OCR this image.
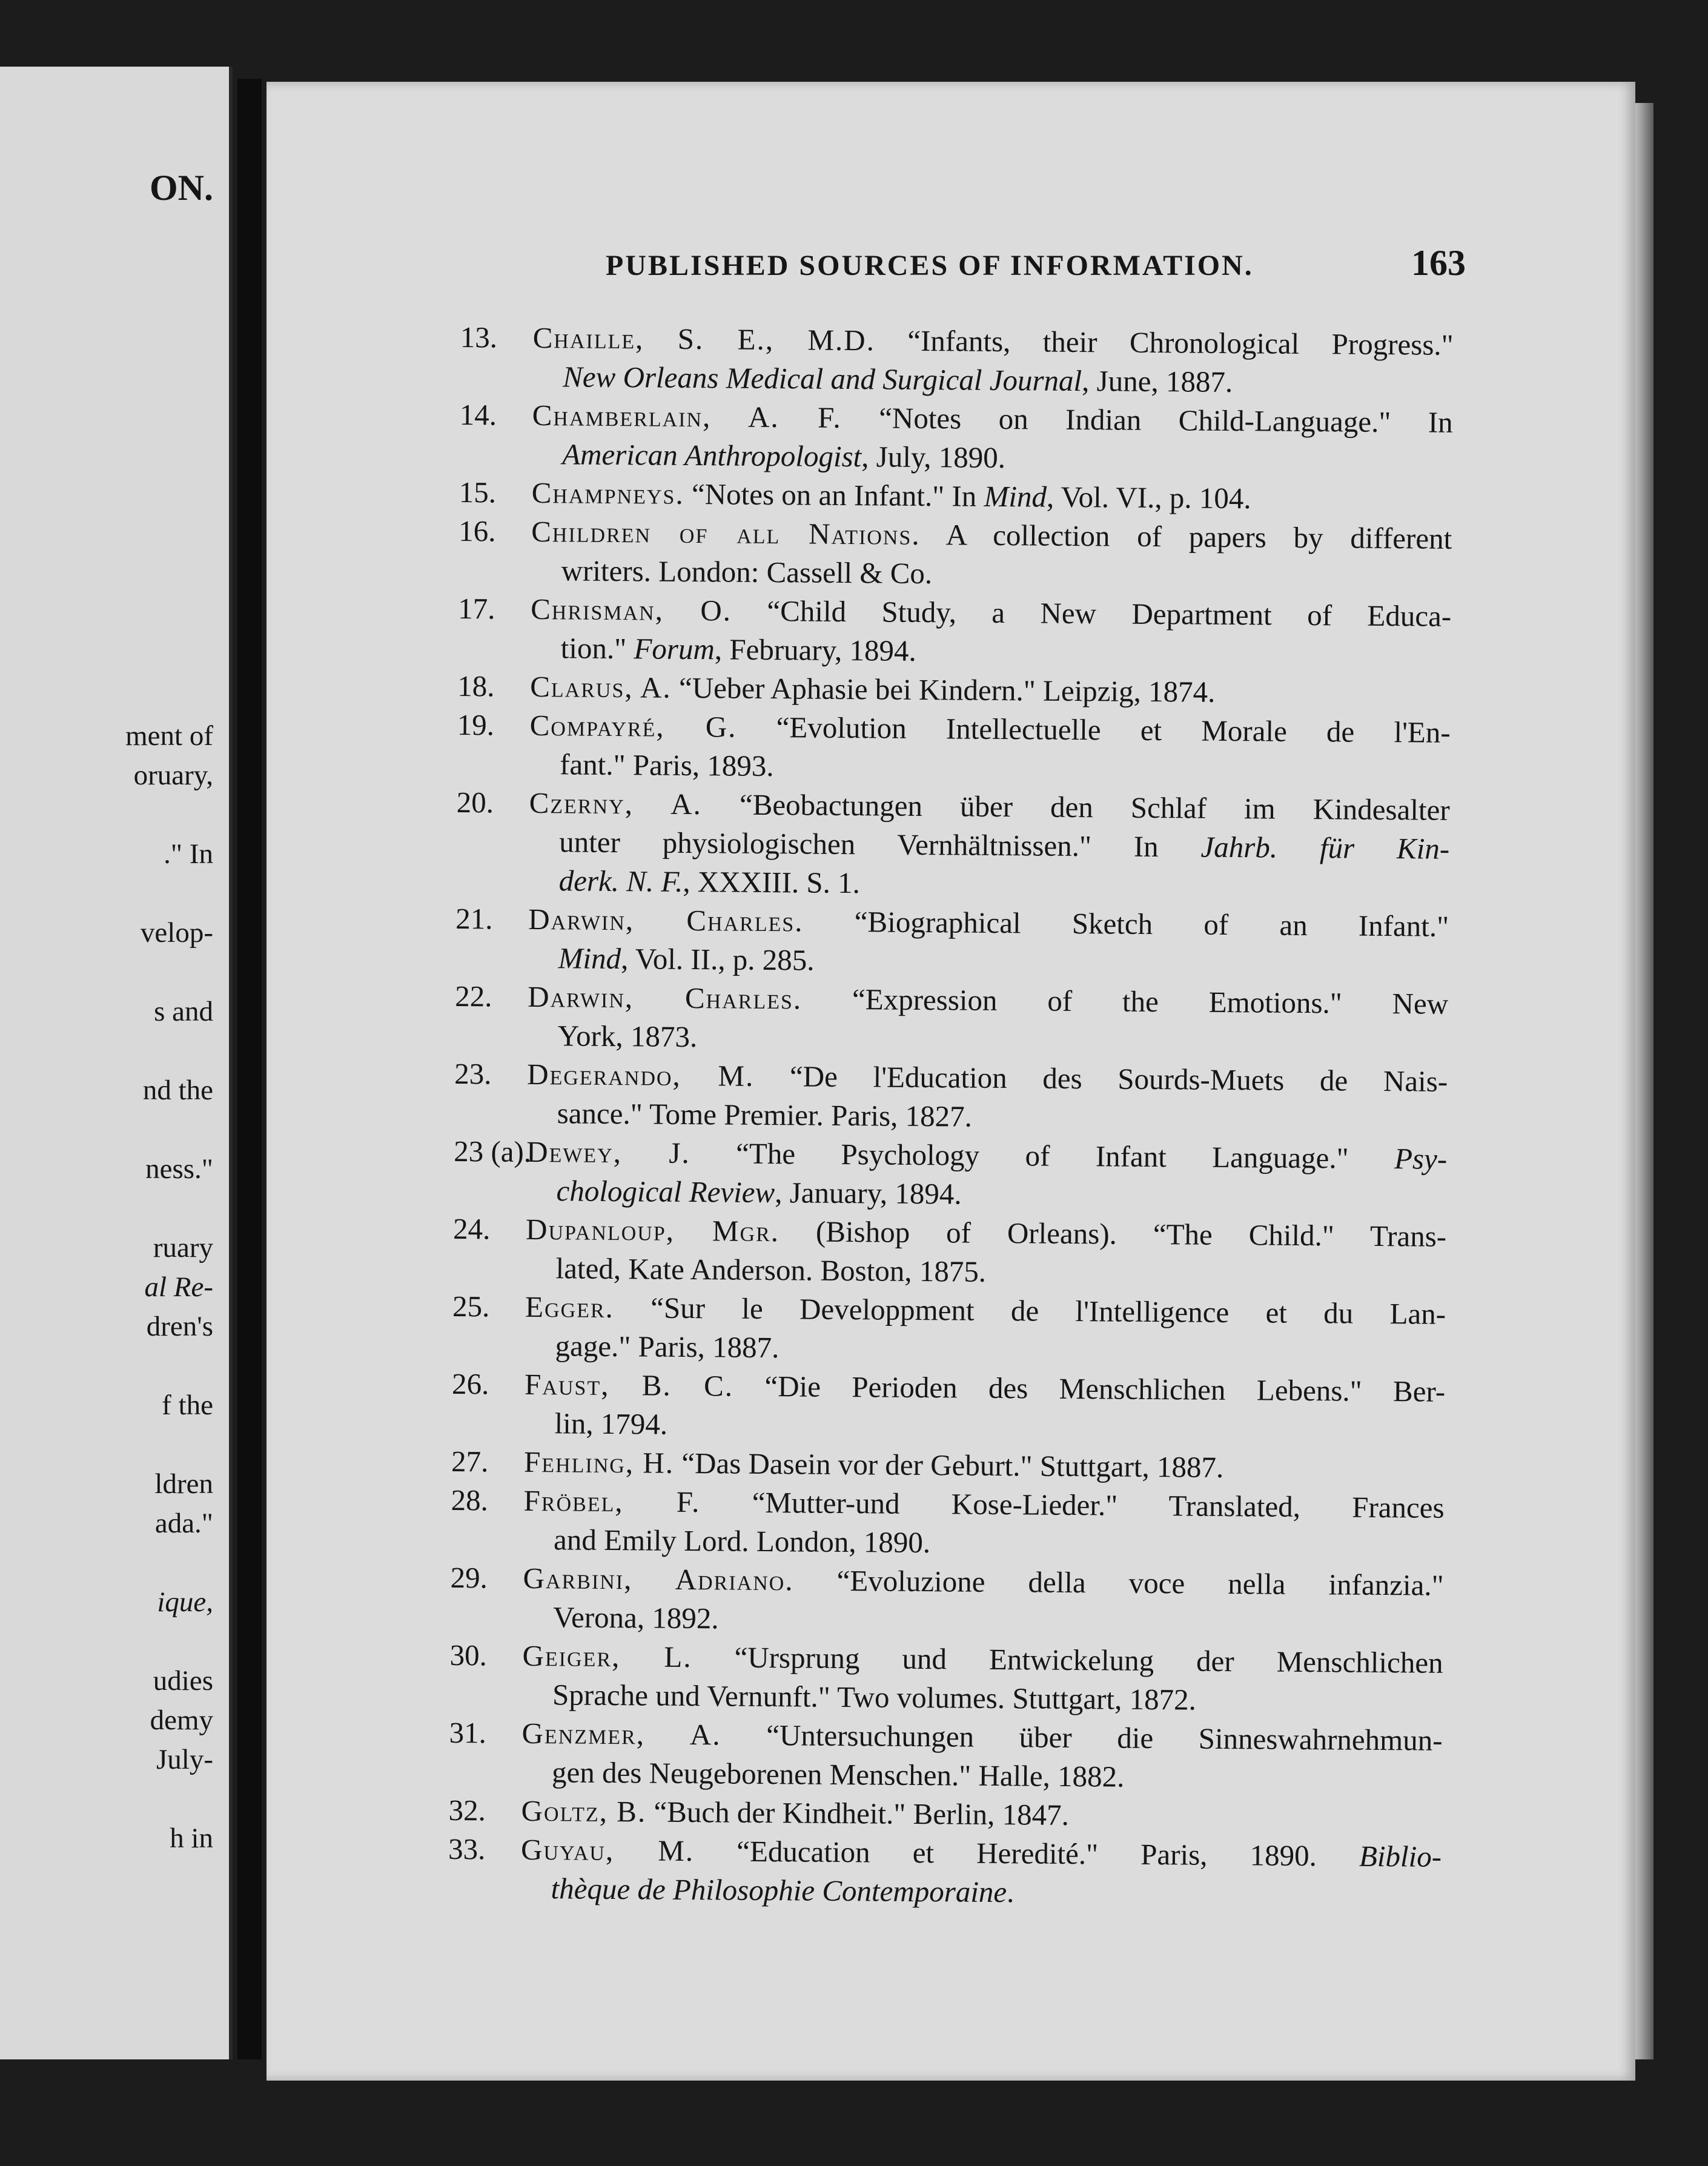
ON.

ment of

oruary,

." In

velop-

s and

nd the

ness."

ruary

al Re-

dren's

f the

ldren

ada."

ique,

udies

demy

July-

h in

PUBLISHED SOURCES OF INFORMATION.	163
13. Chaille, S. E., M.D. “Infants, their Chronological Progress."
New Orleans Medical and Surgical Journal, June, 1887.
14. Chamberlain, A. F. “Notes on Indian Child-Language." In
American Anthropologist, July, 1890.
15. Champneys. “Notes on an Infant." In Mind, Vol. VI., p. 104.
16. Children of all Nations. A collection of papers by different
writers. London: Cassell & Co.
17. Chrisman, O. “Child Study, a New Department of Educa-
tion." Forum, February, 1894.
18. Clarus, A. “Ueber Aphasie bei Kindern." Leipzig, 1874.
19. Compayré, G. “Evolution Intellectuelle et Morale de l'En-
fant." Paris, 1893.
20. Czerny, A. “Beobactungen über den Schlaf im Kindesalter
unter physiologischen Vernhältnissen." In Jahrb. für Kin-
derk. N. F., XXXIII. S. 1.
21. Darwin, Charles. “Biographical Sketch of an Infant."
Mind, Vol. II., p. 285.
22. Darwin, Charles. “Expression of the Emotions." New
York, 1873.
23. Degerando, M. “De l'Education des Sourds-Muets de Nais-
sance." Tome Premier. Paris, 1827.
23 (a).
Dewey, J. “The Psychology of Infant Language." Psy-
chological Review, January, 1894.
24. Dupanloup, Mgr. (Bishop of Orleans). “The Child." Trans-
lated, Kate Anderson. Boston, 1875.
25. Egger. “Sur le Developpment de l'Intelligence et du Lan-
gage." Paris, 1887.
26. Faust, B. C. “Die Perioden des Menschlichen Lebens." Ber-
lin, 1794.
27. Fehling, H. “Das Dasein vor der Geburt." Stuttgart, 1887.
28. Fröbel, F. “Mutter-und Kose-Lieder." Translated, Frances
and Emily Lord. London, 1890.
29. Garbini, Adriano. “Evoluzione della voce nella infanzia."
Verona, 1892.
30. Geiger, L. “Ursprung und Entwickelung der Menschlichen
Sprache und Vernunft." Two volumes. Stuttgart, 1872.
31. Genzmer, A. “Untersuchungen über die Sinneswahrnehmun-
gen des Neugeborenen Menschen." Halle, 1882.
32. Goltz, B. “Buch der Kindheit." Berlin, 1847.
33. Guyau, M. “Education et Heredité." Paris, 1890. Biblio-
thèque de Philosophie Contemporaine.
